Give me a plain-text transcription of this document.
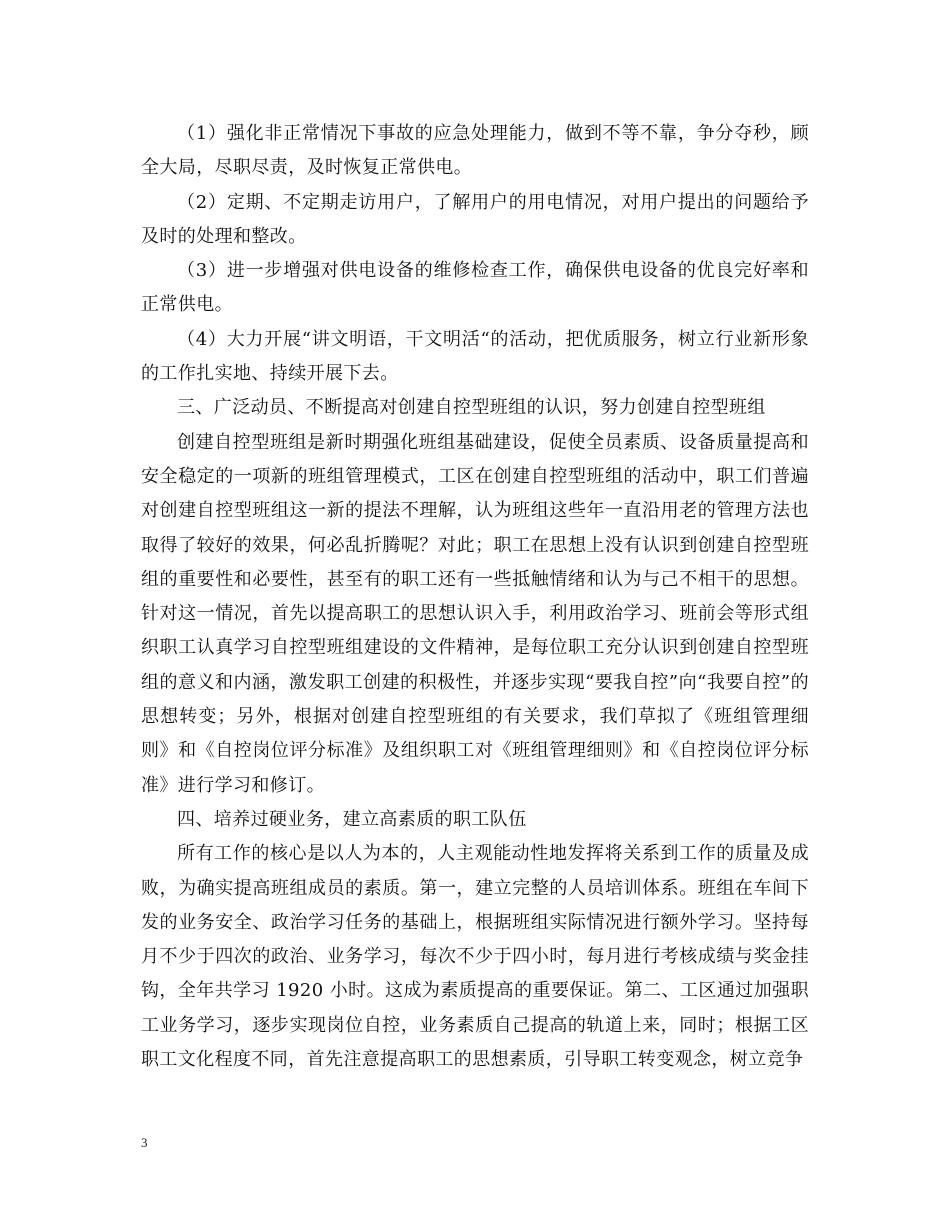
（1）强化非正常情况下事故的应急处理能力，做到不等不靠，争分夺秒，顾全大局，尽职尽责，及时恢复正常供电。

（2）定期、不定期走访用户，了解用户的用电情况，对用户提出的问题给予及时的处理和整改。

（3）进一步增强对供电设备的维修检查工作，确保供电设备的优良完好率和正常供电。

（4）大力开展“讲文明语，干文明活“的活动，把优质服务，树立行业新形象的工作扎实地、持续开展下去。

三、广泛动员、不断提高对创建自控型班组的认识，努力创建自控型班组

创建自控型班组是新时期强化班组基础建设，促使全员素质、设备质量提高和安全稳定的一项新的班组管理模式，工区在创建自控型班组的活动中，职工们普遍对创建自控型班组这一新的提法不理解，认为班组这些年一直沿用老的管理方法也取得了较好的效果，何必乱折腾呢？对此；职工在思想上没有认识到创建自控型班组的重要性和必要性，甚至有的职工还有一些抵触情绪和认为与己不相干的思想。针对这一情况，首先以提高职工的思想认识入手，利用政治学习、班前会等形式组织职工认真学习自控型班组建设的文件精神，是每位职工充分认识到创建自控型班组的意义和内涵，激发职工创建的积极性，并逐步实现“要我自控”向“我要自控”的思想转变；另外，根据对创建自控型班组的有关要求，我们草拟了《班组管理细则》和《自控岗位评分标准》及组织职工对《班组管理细则》和《自控岗位评分标准》进行学习和修订。

四、培养过硬业务，建立高素质的职工队伍

所有工作的核心是以人为本的，人主观能动性地发挥将关系到工作的质量及成败，为确实提高班组成员的素质。第一，建立完整的人员培训体系。班组在车间下发的业务安全、政治学习任务的基础上，根据班组实际情况进行额外学习。坚持每月不少于四次的政治、业务学习，每次不少于四小时，每月进行考核成绩与奖金挂钩，全年共学习 1920 小时。这成为素质提高的重要保证。第二、工区通过加强职工业务学习，逐步实现岗位自控，业务素质自己提高的轨道上来，同时；根据工区职工文化程度不同，首先注意提高职工的思想素质，引导职工转变观念，树立竞争

3
